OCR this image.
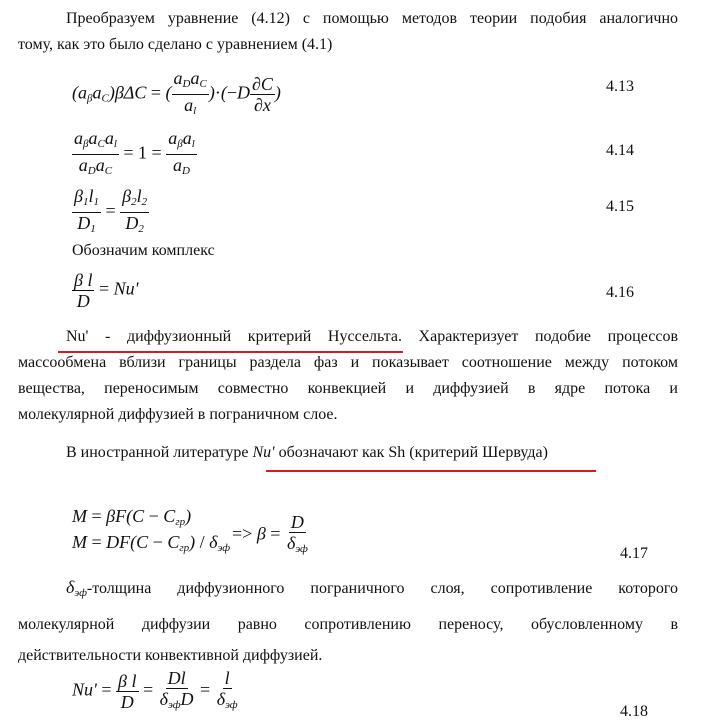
Преобразуем уравнение (4.12) с помощью методов теории подобия аналогично
тому, как это было сделано с уравнением (4.1)
$(a_\beta a_C)\beta\Delta C$ = ( $\frac{a_Da_C}{a_l} )\cdot(-D \frac{\partial C}{\partial x}$ )	4.13
$\frac{a_\beta a_Ca_l}{a_Da_C} = 1 = \frac{a_\beta a_l}{a_D}$	4.14
$\frac{\beta_1l_1}{D_1} = \frac{\beta_2l_2}{D_2}$	4.15
Обозначим комплекс
$\frac{\text{β l}}{D} = Nu'$	4.16
Nu' - диффузионный критерий Нуссельта. Характеризует подобие процессов
массообмена вблизи границы раздела фаз и показывает соотношение между потоком
вещества, переносимым совместно конвекцией и диффузией в ядре потока и
молекулярной диффузией в пограничном слое.
В иностранной литературе Nu' обозначают как Sh (критерий Шервуда)
$M = \beta F(C - C_{гр})$
$M = DF(C - C_{гр}) / \delta_{эф}$
=> $\beta = \frac{D}{\delta_{эф}}$	4.17
$\delta_{эф}$-толщина диффузионного пограничного слоя, сопротивление которого
молекулярной диффузии равно сопротивлению переносу, обусловленному в
действительности конвективной диффузией.
$Nu' = \frac{\text{β l}}{D} = \frac{Dl}{\delta_{эф}D} = \frac{l}{\delta_{эф}}$	4.18
